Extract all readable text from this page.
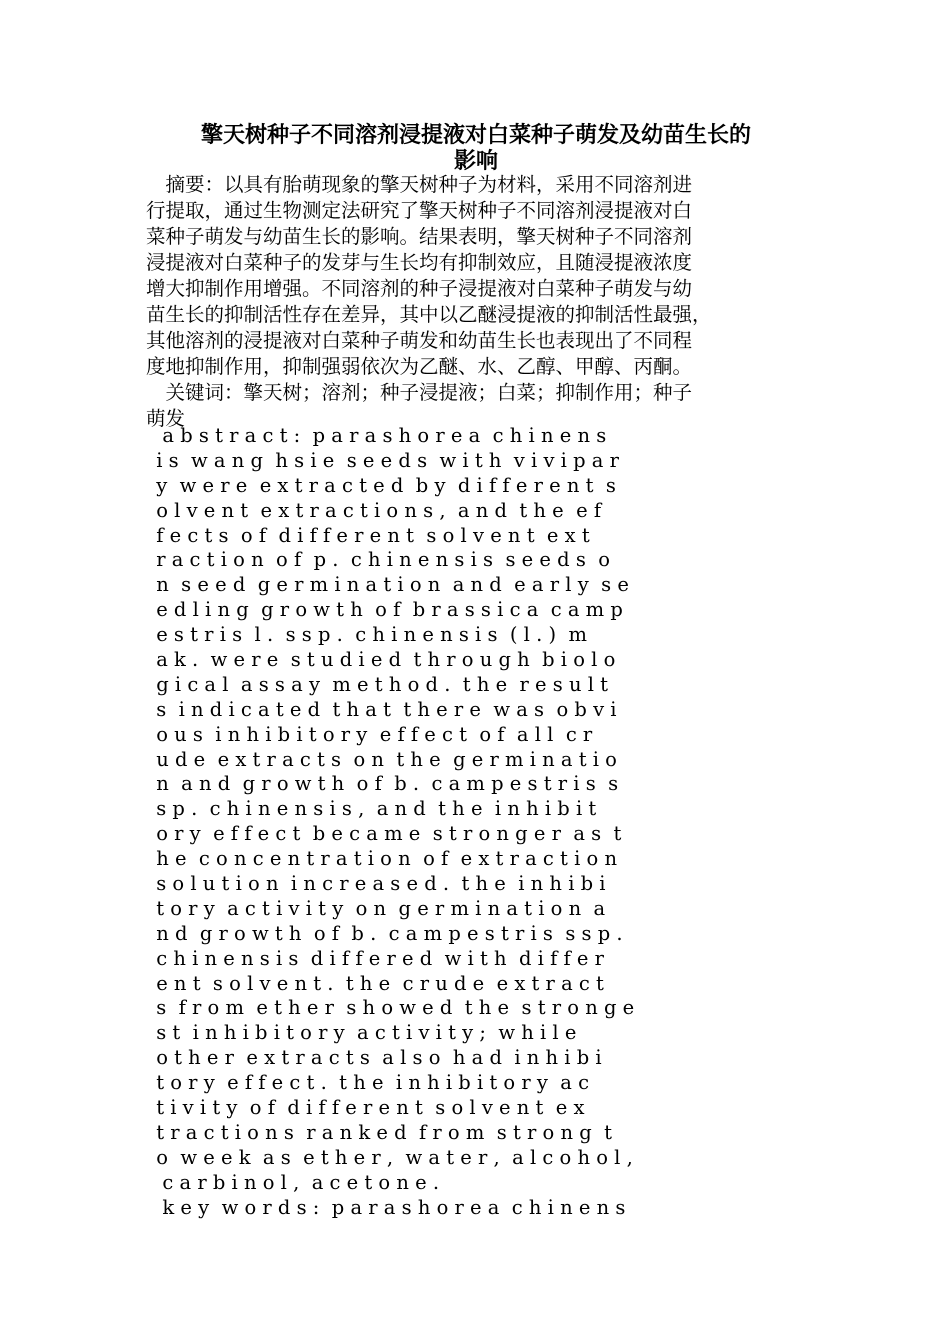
擎天树种子不同溶剂浸提液对白菜种子萌发及幼苗生长的
影响
　摘要：以具有胎萌现象的擎天树种子为材料，采用不同溶剂进
行提取，通过生物测定法研究了擎天树种子不同溶剂浸提液对白
菜种子萌发与幼苗生长的影响。结果表明，擎天树种子不同溶剂
浸提液对白菜种子的发芽与生长均有抑制效应，且随浸提液浓度
增大抑制作用增强。不同溶剂的种子浸提液对白菜种子萌发与幼
苗生长的抑制活性存在差异，其中以乙醚浸提液的抑制活性最强，
其他溶剂的浸提液对白菜种子萌发和幼苗生长也表现出了不同程
度地抑制作用，抑制强弱依次为乙醚、水、乙醇、甲醇、丙酮。
　关键词：擎天树；溶剂；种子浸提液；白菜；抑制作用；种子
萌发
a b s t r a c t :  p a r a s h o r e a  c h i n e n s
i s  w a n g  h s i e  s e e d s  w i t h  v i v i p a r
y  w e r e  e x t r a c t e d  b y  d i f f e r e n t  s
o l v e n t  e x t r a c t i o n s ,  a n d  t h e  e f
f e c t s  o f  d i f f e r e n t  s o l v e n t  e x t
r a c t i o n  o f  p .  c h i n e n s i s  s e e d s  o
n  s e e d  g e r m i n a t i o n  a n d  e a r l y  s e
e d l i n g  g r o w t h  o f  b r a s s i c a  c a m p
e s t r i s  l .  s s p .  c h i n e n s i s  ( l . )  m
a k .  w e r e  s t u d i e d  t h r o u g h  b i o l o
g i c a l  a s s a y  m e t h o d .  t h e  r e s u l t
s  i n d i c a t e d  t h a t  t h e r e  w a s  o b v i
o u s  i n h i b i t o r y  e f f e c t  o f  a l l  c r
u d e  e x t r a c t s  o n  t h e  g e r m i n a t i o
n  a n d  g r o w t h  o f  b .  c a m p e s t r i s  s
s p .  c h i n e n s i s ,  a n d  t h e  i n h i b i t
o r y  e f f e c t  b e c a m e  s t r o n g e r  a s  t
h e  c o n c e n t r a t i o n  o f  e x t r a c t i o n
s o l u t i o n  i n c r e a s e d .  t h e  i n h i b i
t o r y  a c t i v i t y  o n  g e r m i n a t i o n  a
n d  g r o w t h  o f  b .  c a m p e s t r i s  s s p .
c h i n e n s i s  d i f f e r e d  w i t h  d i f f e r
e n t  s o l v e n t .  t h e  c r u d e  e x t r a c t
s  f r o m  e t h e r  s h o w e d  t h e  s t r o n g e
s t  i n h i b i t o r y  a c t i v i t y ;  w h i l e
o t h e r  e x t r a c t s  a l s o  h a d  i n h i b i
t o r y  e f f e c t .  t h e  i n h i b i t o r y  a c
t i v i t y  o f  d i f f e r e n t  s o l v e n t  e x
t r a c t i o n s  r a n k e d  f r o m  s t r o n g  t
o  w e e k  a s  e t h e r ,  w a t e r ,  a l c o h o l ,
c a r b i n o l ,  a c e t o n e .
k e y  w o r d s :  p a r a s h o r e a  c h i n e n s
